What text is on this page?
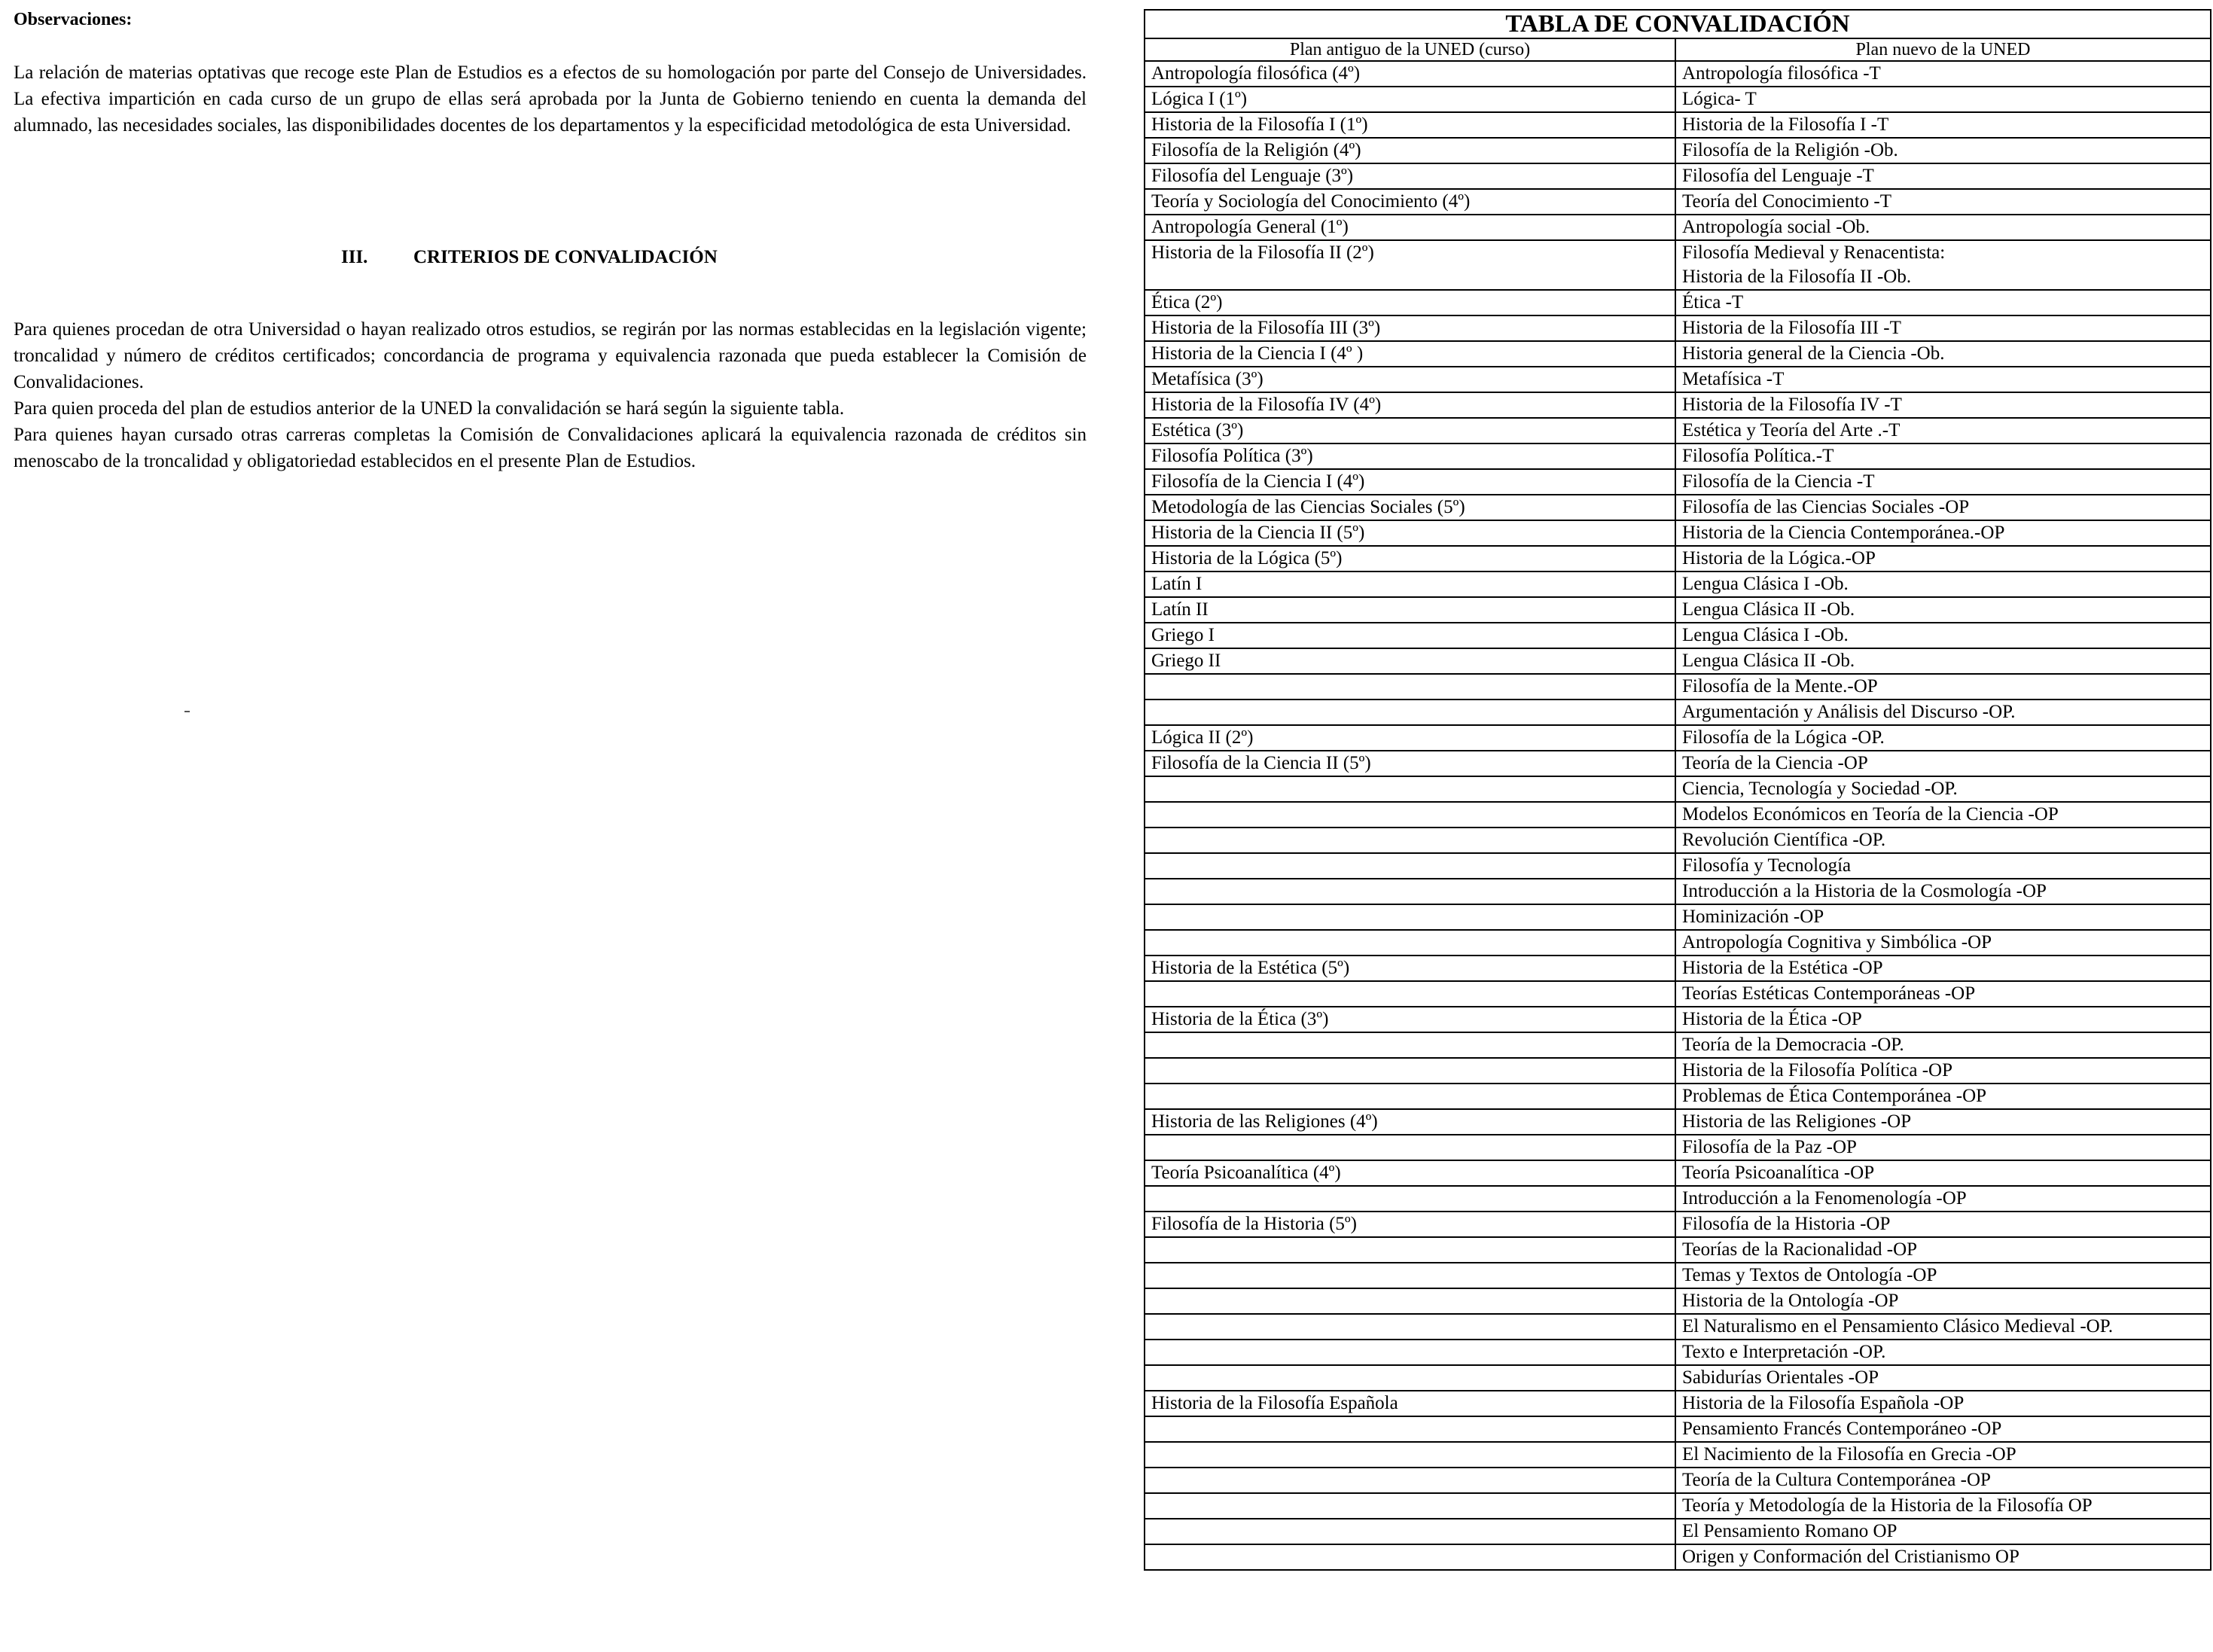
Observaciones:

La relación de materias optativas que recoge este Plan de Estudios es a efectos de su homologación por parte del Consejo de Universidades. La efectiva impartición en cada curso de un grupo de ellas será aprobada por la Junta de Gobierno teniendo en cuenta la demanda del alumnado, las necesidades sociales, las disponibilidades docentes de los departamentos y la especificidad metodológica de esta Universidad.

III. CRITERIOS DE CONVALIDACIÓN

Para quienes procedan de otra Universidad o hayan realizado otros estudios, se regirán por las normas establecidas en la legislación vigente; troncalidad y número de créditos certificados; concordancia de programa y equivalencia razonada que pueda establecer la Comisión de Convalidaciones.

Para quien proceda del plan de estudios anterior de la UNED la convalidación se hará según la siguiente tabla.

Para quienes hayan cursado otras carreras completas la Comisión de Convalidaciones aplicará la equivalencia razonada de créditos sin menoscabo de la troncalidad y obligatoriedad establecidos en el presente Plan de Estudios.

TABLA DE CONVALIDACIÓN	
Plan antiguo de la UNED (curso)	Plan nuevo de la UNED
Antropología filosófica (4º)	Antropología filosófica -T
Lógica I (1º)	Lógica- T
Historia de la Filosofía I (1º)	Historia de la Filosofía I -T
Filosofía de la Religión (4º)	Filosofía de la Religión -Ob.
Filosofía del Lenguaje (3º)	Filosofía del Lenguaje -T
Teoría y Sociología del Conocimiento (4º)	Teoría del Conocimiento -T
Antropología General (1º)	Antropología social -Ob.
Historia de la Filosofía II (2º)	Filosofía Medieval y Renacentista:
Historia de la Filosofía II -Ob.
Ética (2º)	Ética -T
Historia de la Filosofía III (3º)	Historia de la Filosofía III -T
Historia de la Ciencia I (4º )	Historia general de la Ciencia -Ob.
Metafísica (3º)	Metafísica -T
Historia de la Filosofía IV (4º)	Historia de la Filosofía IV -T
Estética (3º)	Estética y Teoría del Arte .-T
Filosofía Política (3º)	Filosofía Política.-T
Filosofía de la Ciencia I (4º)	Filosofía de la Ciencia -T
Metodología de las Ciencias Sociales (5º)	Filosofía de las Ciencias Sociales -OP
Historia de la Ciencia II (5º)	Historia de la Ciencia Contemporánea.-OP
Historia de la Lógica (5º)	Historia de la Lógica.-OP
Latín I	Lengua Clásica I -Ob.
Latín II	Lengua Clásica II -Ob.
Griego I	Lengua Clásica I -Ob.
Griego II	Lengua Clásica II -Ob.
	Filosofía de la Mente.-OP
	Argumentación y Análisis del Discurso -OP.
Lógica II (2º)	Filosofía de la Lógica -OP.
Filosofía de la Ciencia II (5º)	Teoría de la Ciencia -OP
	Ciencia, Tecnología y Sociedad -OP.
	Modelos Económicos en Teoría de la Ciencia -OP
	Revolución Científica -OP.
	Filosofía y Tecnología
	Introducción a la Historia de la Cosmología -OP
	Hominización -OP
	Antropología Cognitiva y Simbólica -OP
Historia de la Estética (5º)	Historia de la Estética -OP
	Teorías Estéticas Contemporáneas -OP
Historia de la Ética (3º)	Historia de la Ética -OP
	Teoría de la Democracia -OP.
	Historia de la Filosofía Política -OP
	Problemas de Ética Contemporánea -OP
Historia de las Religiones (4º)	Historia de las Religiones -OP
	Filosofía de la Paz -OP
Teoría Psicoanalítica (4º)	Teoría Psicoanalítica -OP
	Introducción a la Fenomenología -OP
Filosofía de la Historia (5º)	Filosofía de la Historia -OP
	Teorías de la Racionalidad -OP
	Temas y Textos de Ontología -OP
	Historia de la Ontología -OP
	El Naturalismo en el Pensamiento Clásico Medieval -OP.
	Texto e Interpretación -OP.
	Sabidurías Orientales -OP
Historia de la Filosofía Española	Historia de la Filosofía Española -OP
	Pensamiento Francés Contemporáneo -OP
	El Nacimiento de la Filosofía en Grecia -OP
	Teoría de la Cultura Contemporánea -OP
	Teoría y Metodología de la Historia de la Filosofía OP
	El Pensamiento Romano OP
	Origen y Conformación del Cristianismo OP
